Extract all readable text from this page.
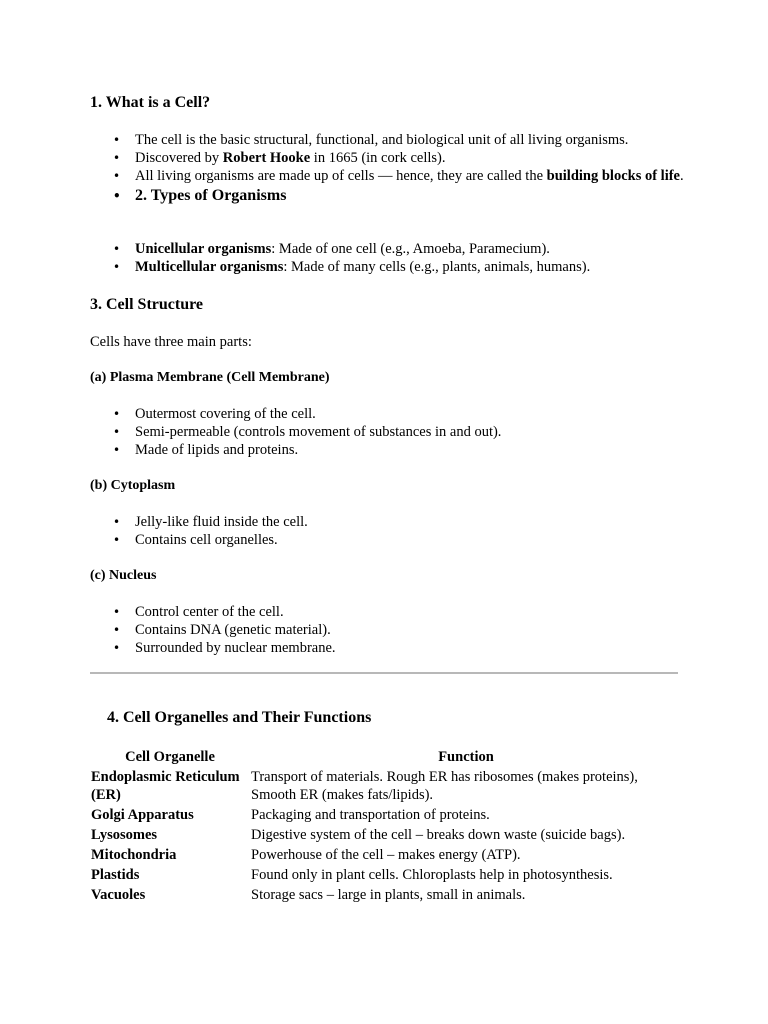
1. What is a Cell?
• The cell is the basic structural, functional, and biological unit of all living organisms.
• Discovered by Robert Hooke in 1665 (in cork cells).
• All living organisms are made up of cells — hence, they are called the building blocks of life.
• 2. Types of Organisms
• Unicellular organisms: Made of one cell (e.g., Amoeba, Paramecium).
• Multicellular organisms: Made of many cells (e.g., plants, animals, humans).
3. Cell Structure

Cells have three main parts:

(a) Plasma Membrane (Cell Membrane)
• Outermost covering of the cell.
• Semi-permeable (controls movement of substances in and out).
• Made of lipids and proteins.
(b) Cytoplasm
• Jelly-like fluid inside the cell.
• Contains cell organelles.
(c) Nucleus
• Control center of the cell.
• Contains DNA (genetic material).
• Surrounded by nuclear membrane.
4. Cell Organelles and Their Functions
Cell Organelle	Function
Endoplasmic Reticulum (ER)	Transport of materials. Rough ER has ribosomes (makes proteins), Smooth ER (makes fats/lipids).
Golgi Apparatus	Packaging and transportation of proteins.
Lysosomes	Digestive system of the cell – breaks down waste (suicide bags).
Mitochondria	Powerhouse of the cell – makes energy (ATP).
Plastids	Found only in plant cells. Chloroplasts help in photosynthesis.
Vacuoles	Storage sacs – large in plants, small in animals.
